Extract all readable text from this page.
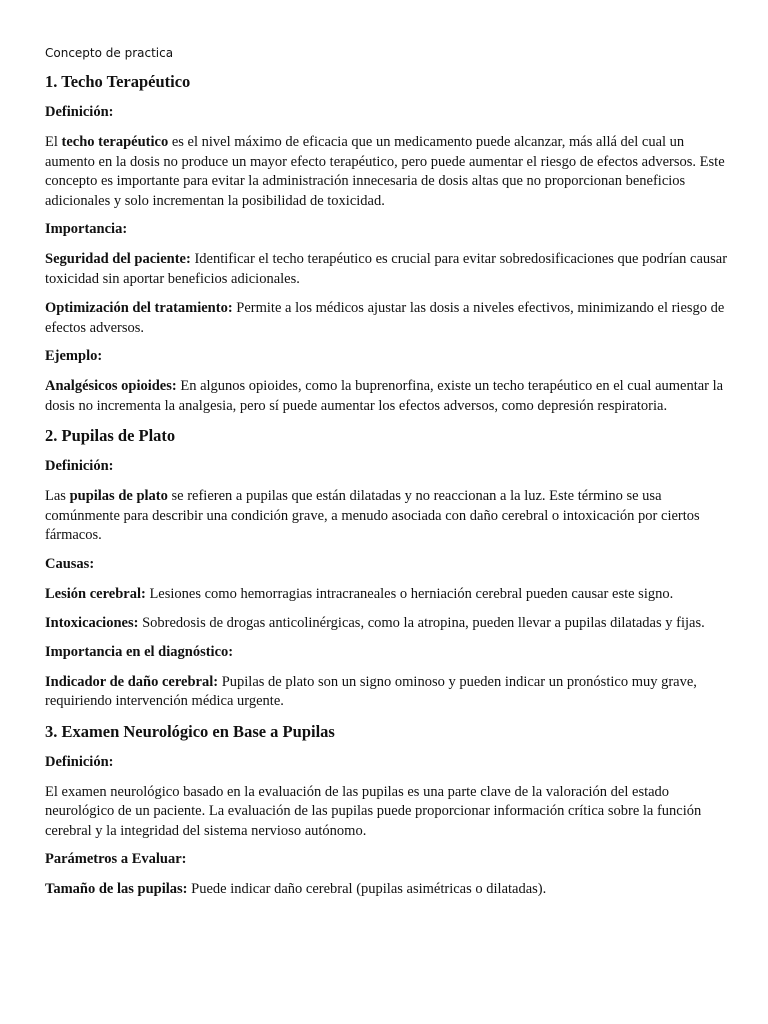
Concepto de practica
1. Techo Terapéutico
Definición:

El techo terapéutico es el nivel máximo de eficacia que un medicamento puede alcanzar, más allá del cual un aumento en la dosis no produce un mayor efecto terapéutico, pero puede aumentar el riesgo de efectos adversos. Este concepto es importante para evitar la administración innecesaria de dosis altas que no proporcionan beneficios adicionales y solo incrementan la posibilidad de toxicidad.

Importancia:

Seguridad del paciente: Identificar el techo terapéutico es crucial para evitar sobredosificaciones que podrían causar toxicidad sin aportar beneficios adicionales.

Optimización del tratamiento: Permite a los médicos ajustar las dosis a niveles efectivos, minimizando el riesgo de efectos adversos.

Ejemplo:

Analgésicos opioides: En algunos opioides, como la buprenorfina, existe un techo terapéutico en el cual aumentar la dosis no incrementa la analgesia, pero sí puede aumentar los efectos adversos, como depresión respiratoria.

2. Pupilas de Plato
Definición:

Las pupilas de plato se refieren a pupilas que están dilatadas y no reaccionan a la luz. Este término se usa comúnmente para describir una condición grave, a menudo asociada con daño cerebral o intoxicación por ciertos fármacos.

Causas:

Lesión cerebral: Lesiones como hemorragias intracraneales o herniación cerebral pueden causar este signo.

Intoxicaciones: Sobredosis de drogas anticolinérgicas, como la atropina, pueden llevar a pupilas dilatadas y fijas.

Importancia en el diagnóstico:

Indicador de daño cerebral: Pupilas de plato son un signo ominoso y pueden indicar un pronóstico muy grave, requiriendo intervención médica urgente.

3. Examen Neurológico en Base a Pupilas
Definición:

El examen neurológico basado en la evaluación de las pupilas es una parte clave de la valoración del estado neurológico de un paciente. La evaluación de las pupilas puede proporcionar información crítica sobre la función cerebral y la integridad del sistema nervioso autónomo.

Parámetros a Evaluar:

Tamaño de las pupilas: Puede indicar daño cerebral (pupilas asimétricas o dilatadas).
